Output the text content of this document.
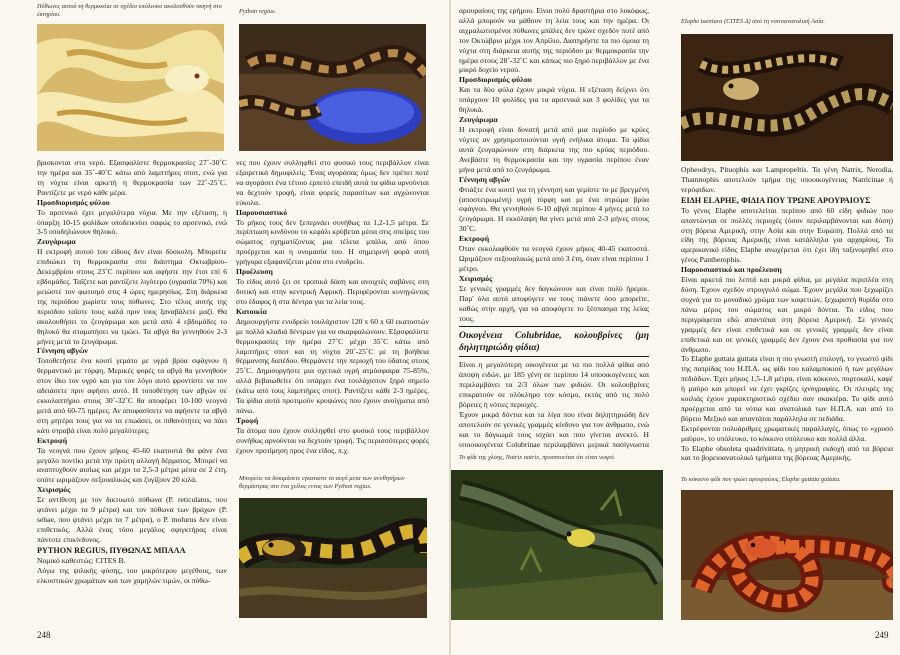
Πύθωνες αυτού τη θερμοκόια σε σχέδιο υπόλευκο ακολουθούν σκηνή στο έκτηρίου.	Python regius.

βρισκονται στο νερό. Εξασφαλίστε θερμοκρασίες 27˚-30˚C την ημέρα και 35˚-40˚C κάτω από λαμπτήρες σποτ, ενώ για τη νύχτα είναι αρκετή η θερμοκρασία των 22˚-25˚C. Ραντίζετε με νερό κάθε μέρα.

Προσδιορισμός φύλου

Το αρσενικό έχει μεγαλύτερα νύχια. Με την εξέταση, η ύπαρξη 10-15 φολίδων υποδεικνύει σαφώς το αρσενικό, ενώ 3-5 υποδηλώνουν θηλυκό.

Ζευγάρωμα

Η εκτροφή αυτού του είδους δεν είναι δύσκολη. Μπορείτε επιδιώκει τη θερμοκρασία στο διάστημα Οκτωβρίου-Δεκεμβρίου στους 23˚C περίπου και αφήστε την έτσι επί 6 εβδομάδες. Ταΐζετε και ραντίζετε λιγότερο (υγρασία 70%) και μειώστε τον φωτισμό στις 4 ώρες ημερησίως. Στη διάρκεια της περιόδου χωρίστε τους πύθωνες. Στο τέλος αυτής της περιόδου ταΐστε τους καλά πριν τους ξαναβάλετε μαζί. Θα ακολουθήσει το ζευγάρωμα και μετά από 4 εβδομάδες το θηλυκό θα σταματήσει να τρώει. Τα αβγά θα γεννηθούν 2-3 μήνες μετά το ζευγάρωμα.

Γέννηση αβγών

Τοποθετήστε ένα κουτί γεμάτο με υγρά βρύα σφάγνου ή θερμαντικό με τύρφη. Μερικές φορές τα αβγά θα γεννηθούν στον ίδιο τον υγρό και για τον λόγο αυτό φροντίστε να τον αδειάσετε πριν αφήσει αυτό. Η τοποθέτηση των αβγών σε εκκολαπτήριο στους 30˚-32˚C θα αποφέρει 10-100 νεογνά μετά από 60-75 ημέρες. Αν αποφασίσετε να αφήσετε τα αβγά στη μητέρα τους για να τα επωάσει, οι πιθανότητες να πάει κάτι στραβά είναι πολύ μεγαλύτερες.

Εκτροφή

Τα νεογνά που έχουν μήκος 45-60 εκατοστά θα φάνε ένα μεγάλο ποντίκι μετά την πρώτη αλλαγή δέρματος. Μπορεί να αναπτυχθούν αισίως και μέχρι τα 2,5-3 μέτρα μέσα σε 2 έτη, οπότε ωριμάζουν σεξουαλικώς και ζυγίζουν 20 κιλά.

Χειρισμός

Σε αντίθεση με τον δικτυωτό πύθωνα (P. reticulatus, που φτάνει μέχρι τα 9 μέτρα) και τον πύθωνα των βράχων (P. sebae, που φτάνει μέχρι τα 7 μέτρα), ο P. molurus δεν είναι επιθετικός. Αλλά ένας τόσο μεγάλος σφιγκτήρας είναι πάντοτε επικίνδυνος.

PYTHON REGIUS, ΠΥΘΩΝΑΣ ΜΠΑΛΑ

Νομικό καθεστώς: CITES B.

Λόγω της ψιλικής φύσης, του μικρότερου μεγέθους, των ελκυστικών χρωμάτων και των χαμηλών τιμών, οι πύθω-

νες που έχουν συλληφθεί στο φυσικό τους περιβάλλον είναι εξαιρετικά δημοφιλείς. Ένας αγοράσας όμως δεν πρέπει ποτέ να αγοράσει ένα τέτοιο ερπετό επειδή αυτά τα φίδια αρνούνται να δεχτούν τροφή, είναι φορείς παρασίτων και αγχώνονται εύκολα.

Παρουσιαστικό

Το μήκος τους δεν ξεπερνάει συνήθως τα 1,2-1,5 μέτρα. Σε περίπτωση κινδύνου το κεφάλι κρύβεται μέσα στις σπείρες του σώματος σχηματίζοντας μια τέλεια μπάλα, από όπου προέρχεται και η ονομασία του. Η σημειρινή φορά αυτή γρήγορα εξαφανίζεται μέσα στο ενυδρείο.

Προέλευση

Το είδος αυτό ζει σε τροπικά δάση και ανοιχτές σαβάνες στη δυτική και στην κεντρική Αφρική. Περιφέρονται κυνηγώντας στο έδαφος ή στα δέντρα για τα λεία τους.

Κατοικία

Δημιουργήστε ενυδρείο τουλάχιστον 120 x 60 x 60 εκατοστών με πολλά κλαδιά δέντρων για να σκαρφαλώνουν. Εξασφαλίστε θερμοκρασίες την ημέρα 27˚C μέχρι 35˚C κάτω από λαμπτήρες σποτ και τη νύχτα 20˚-25˚C με τη βοήθεια θέρμανσης δαπέδου. Θερμάνετε την περιοχή του ύδατος στους 25˚C. Δημιουργήστε μια σχετικά υγρή ατμόσφαιρα 75-85%, αλλά βεβαιωθείτε ότι υπάρχει ένα τουλάχιστον ξηρό σημείο (κάτω από τους λαμπτήρες σποτ). Ραντίζετε κάθε 2-3 ημέρες. Τα φίδια αυτά προτιμούν κρυψώνες που έχουν ανοίγματα από πάνω.

Τροφή

Τα άτομα που έχουν συλληφθεί στο φυσικό τους περιβάλλον συνήθως αρνούνται να δεχτούν τροφή. Τις περισσότερες φορές έχουν προτίμηση προς ένα είδος, π.χ.

Μπορείτε να δοκιμάσετε εγκαταστε το αυγό μετα των ανυθητήρων θερμάστρας στο ένα χείλος εντος των Python regius.

248

αρουραίους της ερήμου. Είναι πολύ δραστήρια στο λυκόφως, αλλά μπορούν να μάθουν τη λεία τους και την ημέρα. Οι αιχμαλωτισμένοι πύθωνες μπάλες δεν τρώνε σχεδόν ποτέ από τον Οκτώβριο μέχρι τον Απρίλιο. Διατηρήστε τα πιο όμοια τη νύχτα στη διάρκεια αυτής της περιόδου με θερμοκρασία την ημέρα στους 28˚-32˚C και κάπως πιο ξηρό περιβάλλον με ένα μικρό δοχείο νερού.

Προσδιορισμός φύλου

Και τα δύο φύλα έχουν μικρά νύχια. Η εξέταση δείχνει ότι υπάρχουν 10 φολίδες για τα αρσενικά και 3 φολίδες για τα θηλυκά.

Ζευγάρωμα

Η εκτροφή είναι δυνατή μετά από μια περίοδο με κρύες νύχτες αν χρησιμοποιούνται υγιή ενήλικα άτομα. Τα φίδια αυτά ζευγαρώνουν στη διάρκεια της πιο κρύας περιόδου. Ανεβάστε τη θερμοκρασία και την υγρασία περίπου έναν μήνα μετά από το ζευγάρωμα.

Γέννηση αβγών

Φτιάξτε ένα κουτί για τη γέννηση και γεμίστε το με βρεγμένη (αποστειρωμένη) υγρή τύρφη και με ένα στρώμα βρύα σφάγνου. Θα γεννηθούν 6-10 αβγά περίπου 4 μήνες μετά το ζευγάρωμα. Η εκκόλαψη θα γίνει μετά από 2-3 μήνες στους 30˚C.

Εκτροφή

Όταν εκκολαφθούν τα νεογνά έχουν μήκος 40-45 εκατοστά. Ωριμάζουν σεξουαλικώς μετά από 3 έτη, όταν είναι περίπου 1 μέτρο.

Χειρισμός

Σε γενικές γραμμές δεν δαγκώνουν και είναι πολύ ήρεμοι. Παρ' όλα αυτά αποφύγετε να τους πιάνετε όσο μπορείτε, καθώς στην αρχή, για να αποφύγετε το ξέσπασμα της λείας τους.

Οικογένεια Colubridae, κολουβρίνες (μη δηλητηριώδη φίδια)

Είναι η μεγαλύτερη οικογένεια με τα πιο πολλά φίδια από άποψη ειδών, με 185 γένη σε περίπου 14 υποοικογένειες και περιλαμβάνει τα 2/3 όλων των φιδιών. Οι κολουβρίνες επικρατούν σε ολόκληρο τον κόσμο, εκτός από τις πολύ βόρειες ή νότιες περιοχές.

Έχουν μικρά δόντια και τα λίγα που είναι δηλητηριώδη δεν αποτελούν σε γενικές γραμμές κίνδυνο για τον άνθρωπο, ενώ και το δάγκωμά τους ισχύει και που γίνεται ανεκτό. Η υποοικογένεια Colubrinae περιλαμβάνει μερικά πασίγνωστα

Το φίδι της χλόης, Natrix natrix, προσποιείται ότι είναι νεκρό.

Elaphe taeniura (CITES Δ) από τη νοτιοανατολική Ασία.

Opheodrys, Pituophis και Lampropeltis. Τα γένη Natrix, Nerodia, Thamnophis αποτελούν τμήμα της υποοικογένειας Natricinae ή νερόφιδων.

ΕΙΔΗ ELAPHE, ΦΙΔΙΑ ΠΟΥ ΤΡΩΝΕ ΑΡΟΥΡΑΙΟΥΣ

Το γένος Elaphe αποτελείται περίπου από 60 είδη φιδιών που απαντώνται σε πολλές περιοχές (όσον περιλαμβάνονται και δύση) στη βόρεια Αμερική, στην Ασία και στην Ευρώπη. Πολλά από τα είδη της βόρειας Αμερικής είναι κατάλληλα για αρχαρίους. Το αμερικανικό είδος Elaphe ανωχέρεται ότι έχει ίδη ταξινομηθεί στο γένος Pantherophis.

Παρουσιαστικό και προέλευση

Είναι αρκετά πιο λεπτά και μικρά φίδια, με μεγάλα περιπλέα στη δύση. Έχουν σχεδόν στρογγυλό σώμα. Έχουν μεγάλα που ξεχωρίζει συχνά για το μοναδικό χρώμα των καφετιών, ξεχωριστή θυρίδα στο πάνω μέρος του σώματος και μικρό δόντια. Το είδος που περιγράφεται εδώ απαντάται στη βόρεια Αμερική. Σε γενικές γραμμές δεν είναι επιθετικά και σε γενικές γραμμές δεν είναι επιθετικά και σε γενικές γραμμές δεν έχουν ένα προθιασία για τον άνθρωπο.

Το Elaphe guttata guttata είναι η πιο γνωστή επιλογή, το γνωστό φίδι της πατρίδας του Η.Π.Α. ως φίδι του καλαμποκιού ή των μεγάλων πεδιάδων. Έχει μήκος 1,5-1,8 μέτρα, είναι κόκκινο, πορτοκαλί, καφέ ή μαύρο και μπορεί να έχει γκρίζες ιχνογραφίες. Οι πλευρές της κοιλιάς έχουν χαρακτηριστικό σχέδιο σαν σκακιέρα. Το φίδι αυτό προέρχεται από τα νότια και ανατολικά των Η.Π.Α. και από το βόρειο Μεξικό και απαντάται παράλληλα σε πεδιάδα.

Εκτρέφονται πολυάριθμες χρωματικές παραλλαγές, όπως το «χρυσό μαύρο», το υπόλευκο, το κόκκινο υπόλευκο και πολλά άλλα.

Το Elaphe obsoleta quadrivittata, η μητρική εκδοχή από τα βόρεια και το βορειοανατολικό τμήματα της βόρειας Αμερικής.

Το κόκκινο φίδι που τρώει αρουραίους, Elaphe guttata guttata.

249
